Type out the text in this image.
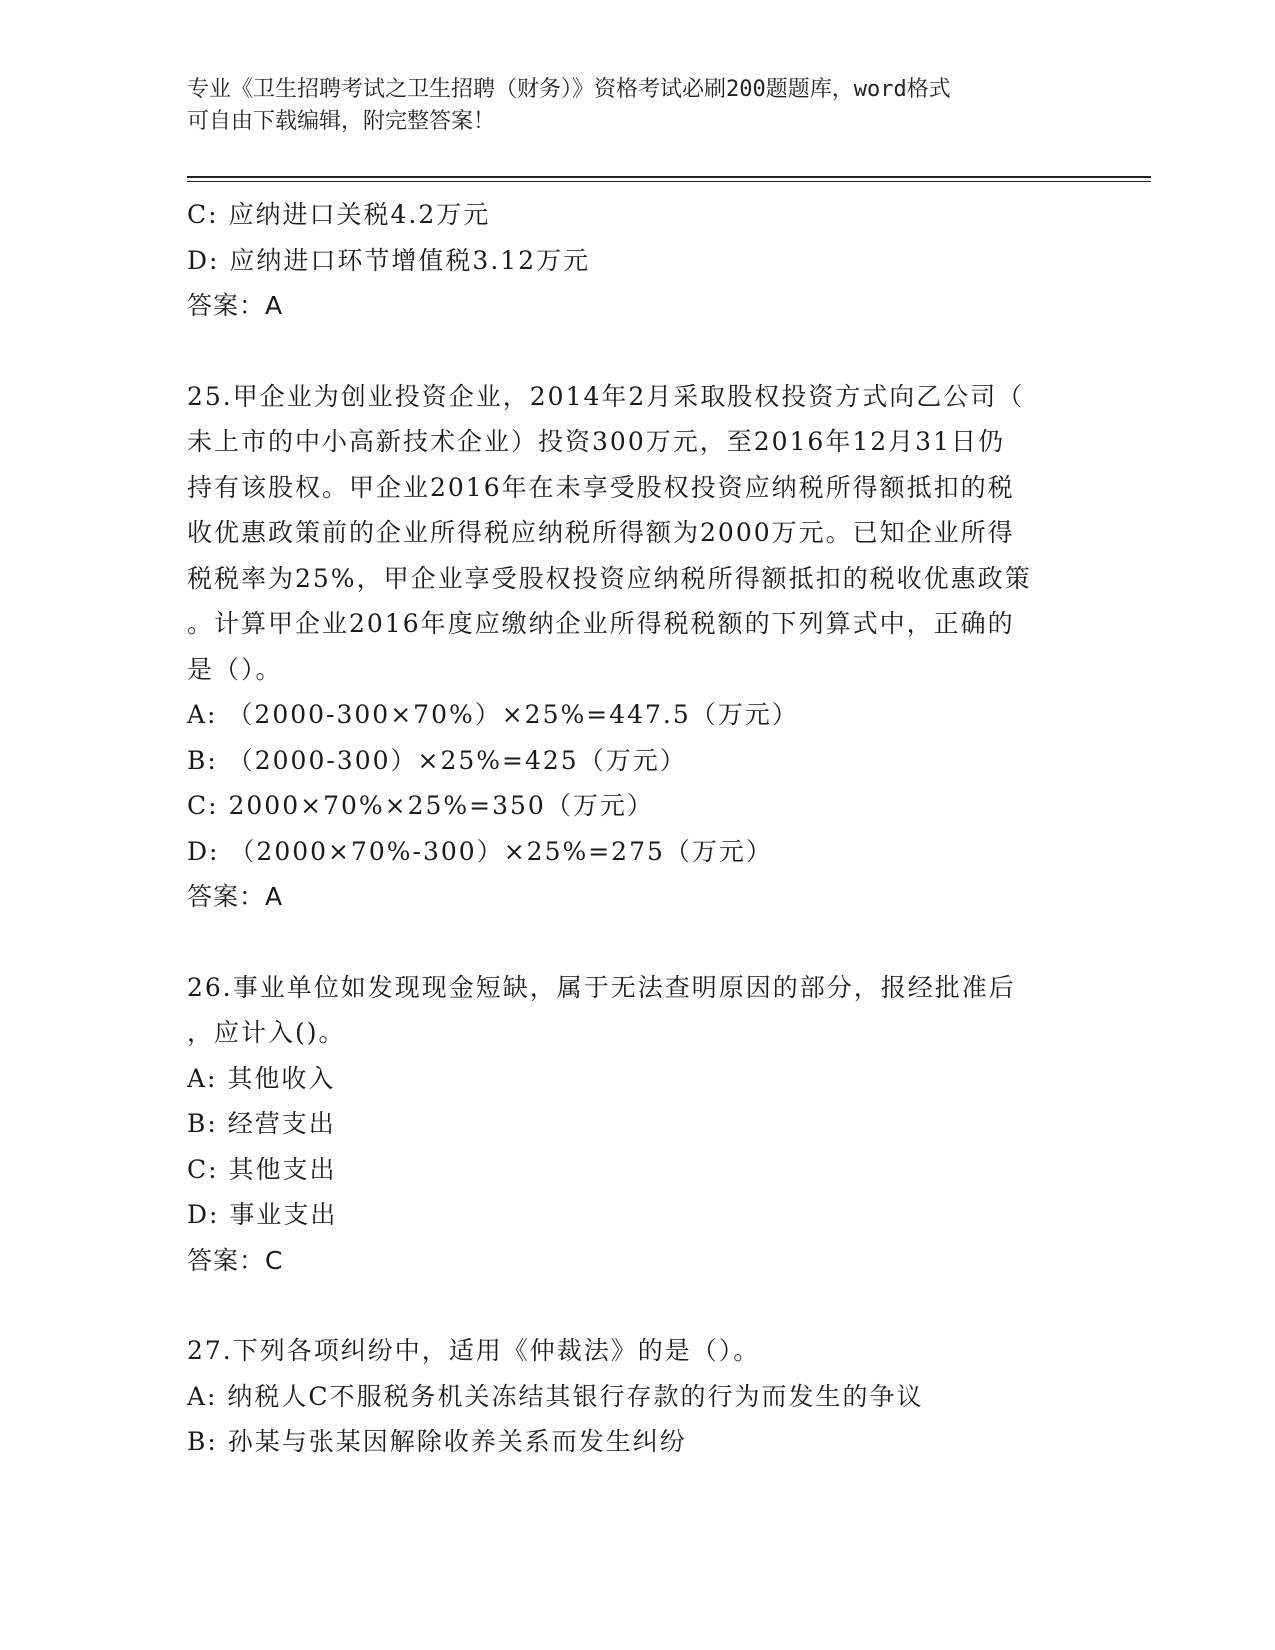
专业《卫生招聘考试之卫生招聘（财务）》资格考试必刷200题题库，word格式
可自由下载编辑，附完整答案！
C: 应纳进口关税4.2万元
D: 应纳进口环节增值税3.12万元
答案：A
25.甲企业为创业投资企业，2014年2月采取股权投资方式向乙公司（
未上市的中小高新技术企业）投资300万元，至2016年12月31日仍
持有该股权。甲企业2016年在未享受股权投资应纳税所得额抵扣的税
收优惠政策前的企业所得税应纳税所得额为2000万元。已知企业所得
税税率为25%，甲企业享受股权投资应纳税所得额抵扣的税收优惠政策
。计算甲企业2016年度应缴纳企业所得税税额的下列算式中，正确的
是（）。
A: （2000-300×70%）×25%=447.5（万元）
B: （2000-300）×25%=425（万元）
C: 2000×70%×25%=350（万元）
D: （2000×70%-300）×25%=275（万元）
答案：A
26.事业单位如发现现金短缺，属于无法查明原因的部分，报经批准后
，应计入()。
A: 其他收入
B: 经营支出
C: 其他支出
D: 事业支出
答案：C
27.下列各项纠纷中，适用《仲裁法》的是（）。
A: 纳税人C不服税务机关冻结其银行存款的行为而发生的争议
B: 孙某与张某因解除收养关系而发生纠纷
